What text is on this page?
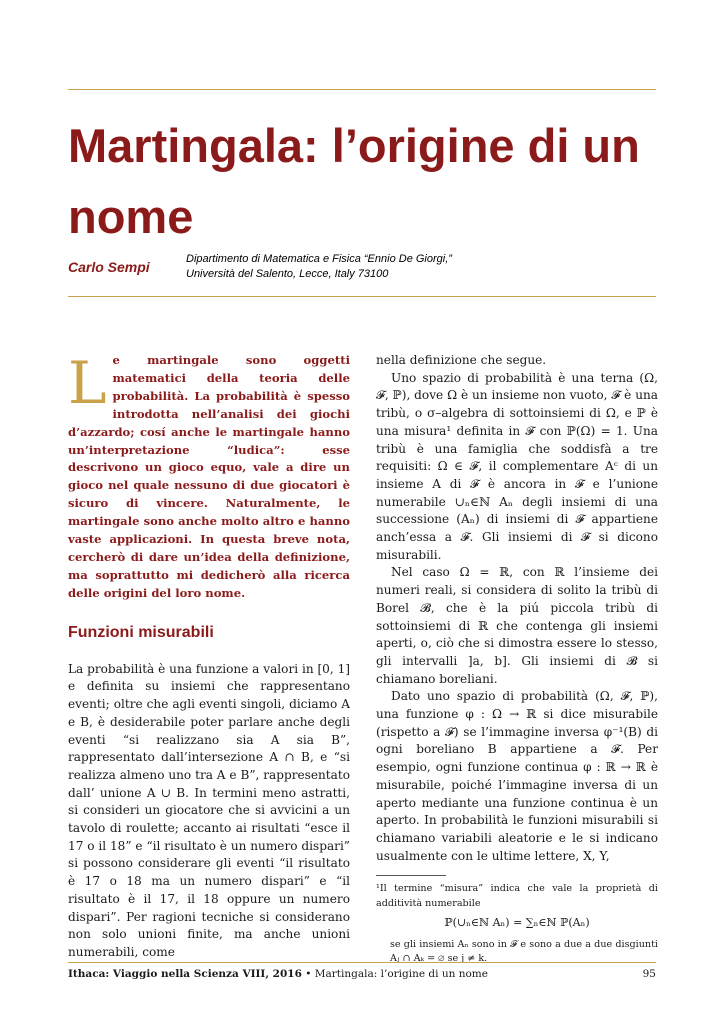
Martingala: l’origine di un nome
Carlo Sempi	Dipartimento di Matematica e Fisica “Ennio De Giorgi,”
Università del Salento, Lecce, Italy 73100
Le martingale sono oggetti matematici della teoria delle probabilità. La probabilità è spesso introdotta nell’analisi dei giochi d’azzardo; cosí anche le martingale hanno un’interpretazione “ludica”: esse descrivono un gioco equo, vale a dire un gioco nel quale nessuno di due giocatori è sicuro di vincere. Naturalmente, le martingale sono anche molto altro e hanno vaste applicazioni. In questa breve nota, cercherò di dare un’idea della definizione, ma soprattutto mi dedicherò alla ricerca delle origini del loro nome.
Funzioni misurabili

La probabilità è una funzione a valori in [0, 1] e definita su insiemi che rappresentano eventi; oltre che agli eventi singoli, diciamo A e B, è desiderabile poter parlare anche degli eventi “si realizzano sia A sia B”, rappresentato dall’intersezione A ∩ B, e “si realizza almeno uno tra A e B”, rappresentato dall’ unione A ∪ B. In termini meno astratti, si consideri un giocatore che si avvicini a un tavolo di roulette; accanto ai risultati “esce il 17 o il 18” e “il risultato è un numero dispari” si possono considerare gli eventi “il risultato è 17 o 18 ma un numero dispari” e “il risultato è il 17, il 18 oppure un numero dispari”. Per ragioni tecniche si considerano non solo unioni finite, ma anche unioni numerabili, come

nella definizione che segue.

Uno spazio di probabilità è una terna (Ω, 𝓕, ℙ), dove Ω è un insieme non vuoto, 𝓕 è una tribù, o σ–algebra di sottoinsiemi di Ω, e ℙ è una misura¹ definita in 𝓕 con ℙ(Ω) = 1. Una tribù è una famiglia che soddisfà a tre requisiti: Ω ∈ 𝓕, il complementare Aᶜ di un insieme A di 𝓕 è ancora in 𝓕 e l’unione numerabile ∪ₙ∈ℕ Aₙ degli insiemi di una successione (Aₙ) di insiemi di 𝓕 appartiene anch’essa a 𝓕. Gli insiemi di 𝓕 si dicono misurabili.

Nel caso Ω = ℝ, con ℝ l’insieme dei numeri reali, si considera di solito la tribù di Borel 𝓑, che è la piú piccola tribù di sottoinsiemi di ℝ che contenga gli insiemi aperti, o, ciò che si dimostra essere lo stesso, gli intervalli ]a, b]. Gli insiemi di 𝓑 si chiamano boreliani.

Dato uno spazio di probabilità (Ω, 𝓕, ℙ), una funzione φ : Ω → ℝ si dice misurabile (rispetto a 𝓕) se l’immagine inversa φ⁻¹(B) di ogni boreliano B appartiene a 𝓕. Per esempio, ogni funzione continua φ : ℝ → ℝ è misurabile, poiché l’immagine inversa di un aperto mediante una funzione continua è un aperto. In probabilità le funzioni misurabili si chiamano variabili aleatorie e le si indicano usualmente con le ultime lettere, X, Y,

¹Il termine “misura” indica che vale la proprietà di additività numerabile
ℙ(∪ₙ∈ℕ Aₙ) = ∑ₙ∈ℕ ℙ(Aₙ)
se gli insiemi Aₙ sono in 𝓕 e sono a due a due disgiunti Aⱼ ∩ Aₖ = ∅ se j ≠ k.
Ithaca: Viaggio nella Scienza VIII, 2016 • Martingala: l’origine di un nome	95
